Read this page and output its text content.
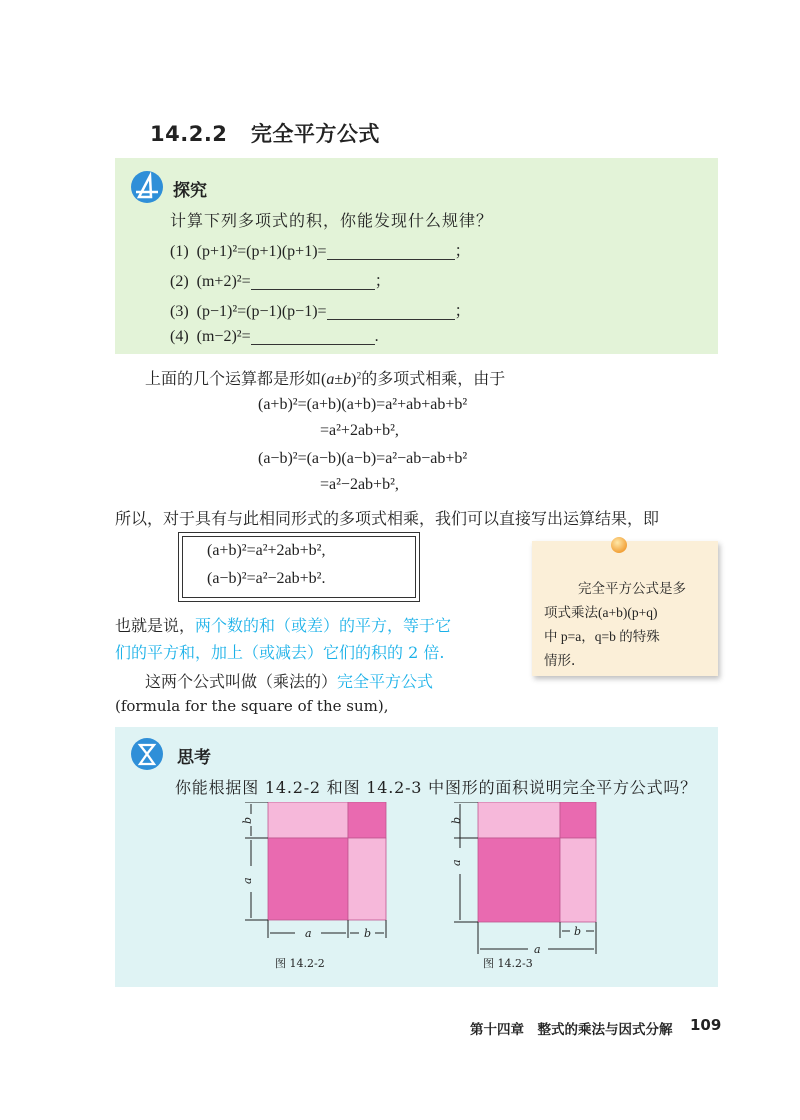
14.2.2 完全平方公式
探究
计算下列多项式的积，你能发现什么规律？
(1) (p+1)²=(p+1)(p+1)=	；
(2) (m+2)²=	；
(3) (p−1)²=(p−1)(p−1)=	；
(4) (m−2)²=	.
上面的几个运算都是形如$(a\pm b)^2$的多项式相乘，由于
(a+b)²=(a+b)(a+b)=a²+ab+ab+b²
=a²+2ab+b²,
(a−b)²=(a−b)(a−b)=a²−ab−ab+b²
=a²−2ab+b²,
所以，对于具有与此相同形式的多项式相乘，我们可以直接写出运算结果，即
(a+b)²=a²+2ab+b²,
(a−b)²=a²−2ab+b².
完全平方公式是多
项式乘法(a+b)(p+q)
中 p=a，q=b 的特殊
情形.
也就是说，两个数的和（或差）的平方，等于它
们的平方和，加上（或减去）它们的积的 2 倍.
这两个公式叫做（乘法的）完全平方公式
(formula for the square of the sum),
思考
你能根据图 14.2-2 和图 14.2-3 中图形的面积说明完全平方公式吗？
b
a
a	b
图 14.2-2
b
a
b
a
图 14.2-3
第十四章　整式的乘法与因式分解 109
